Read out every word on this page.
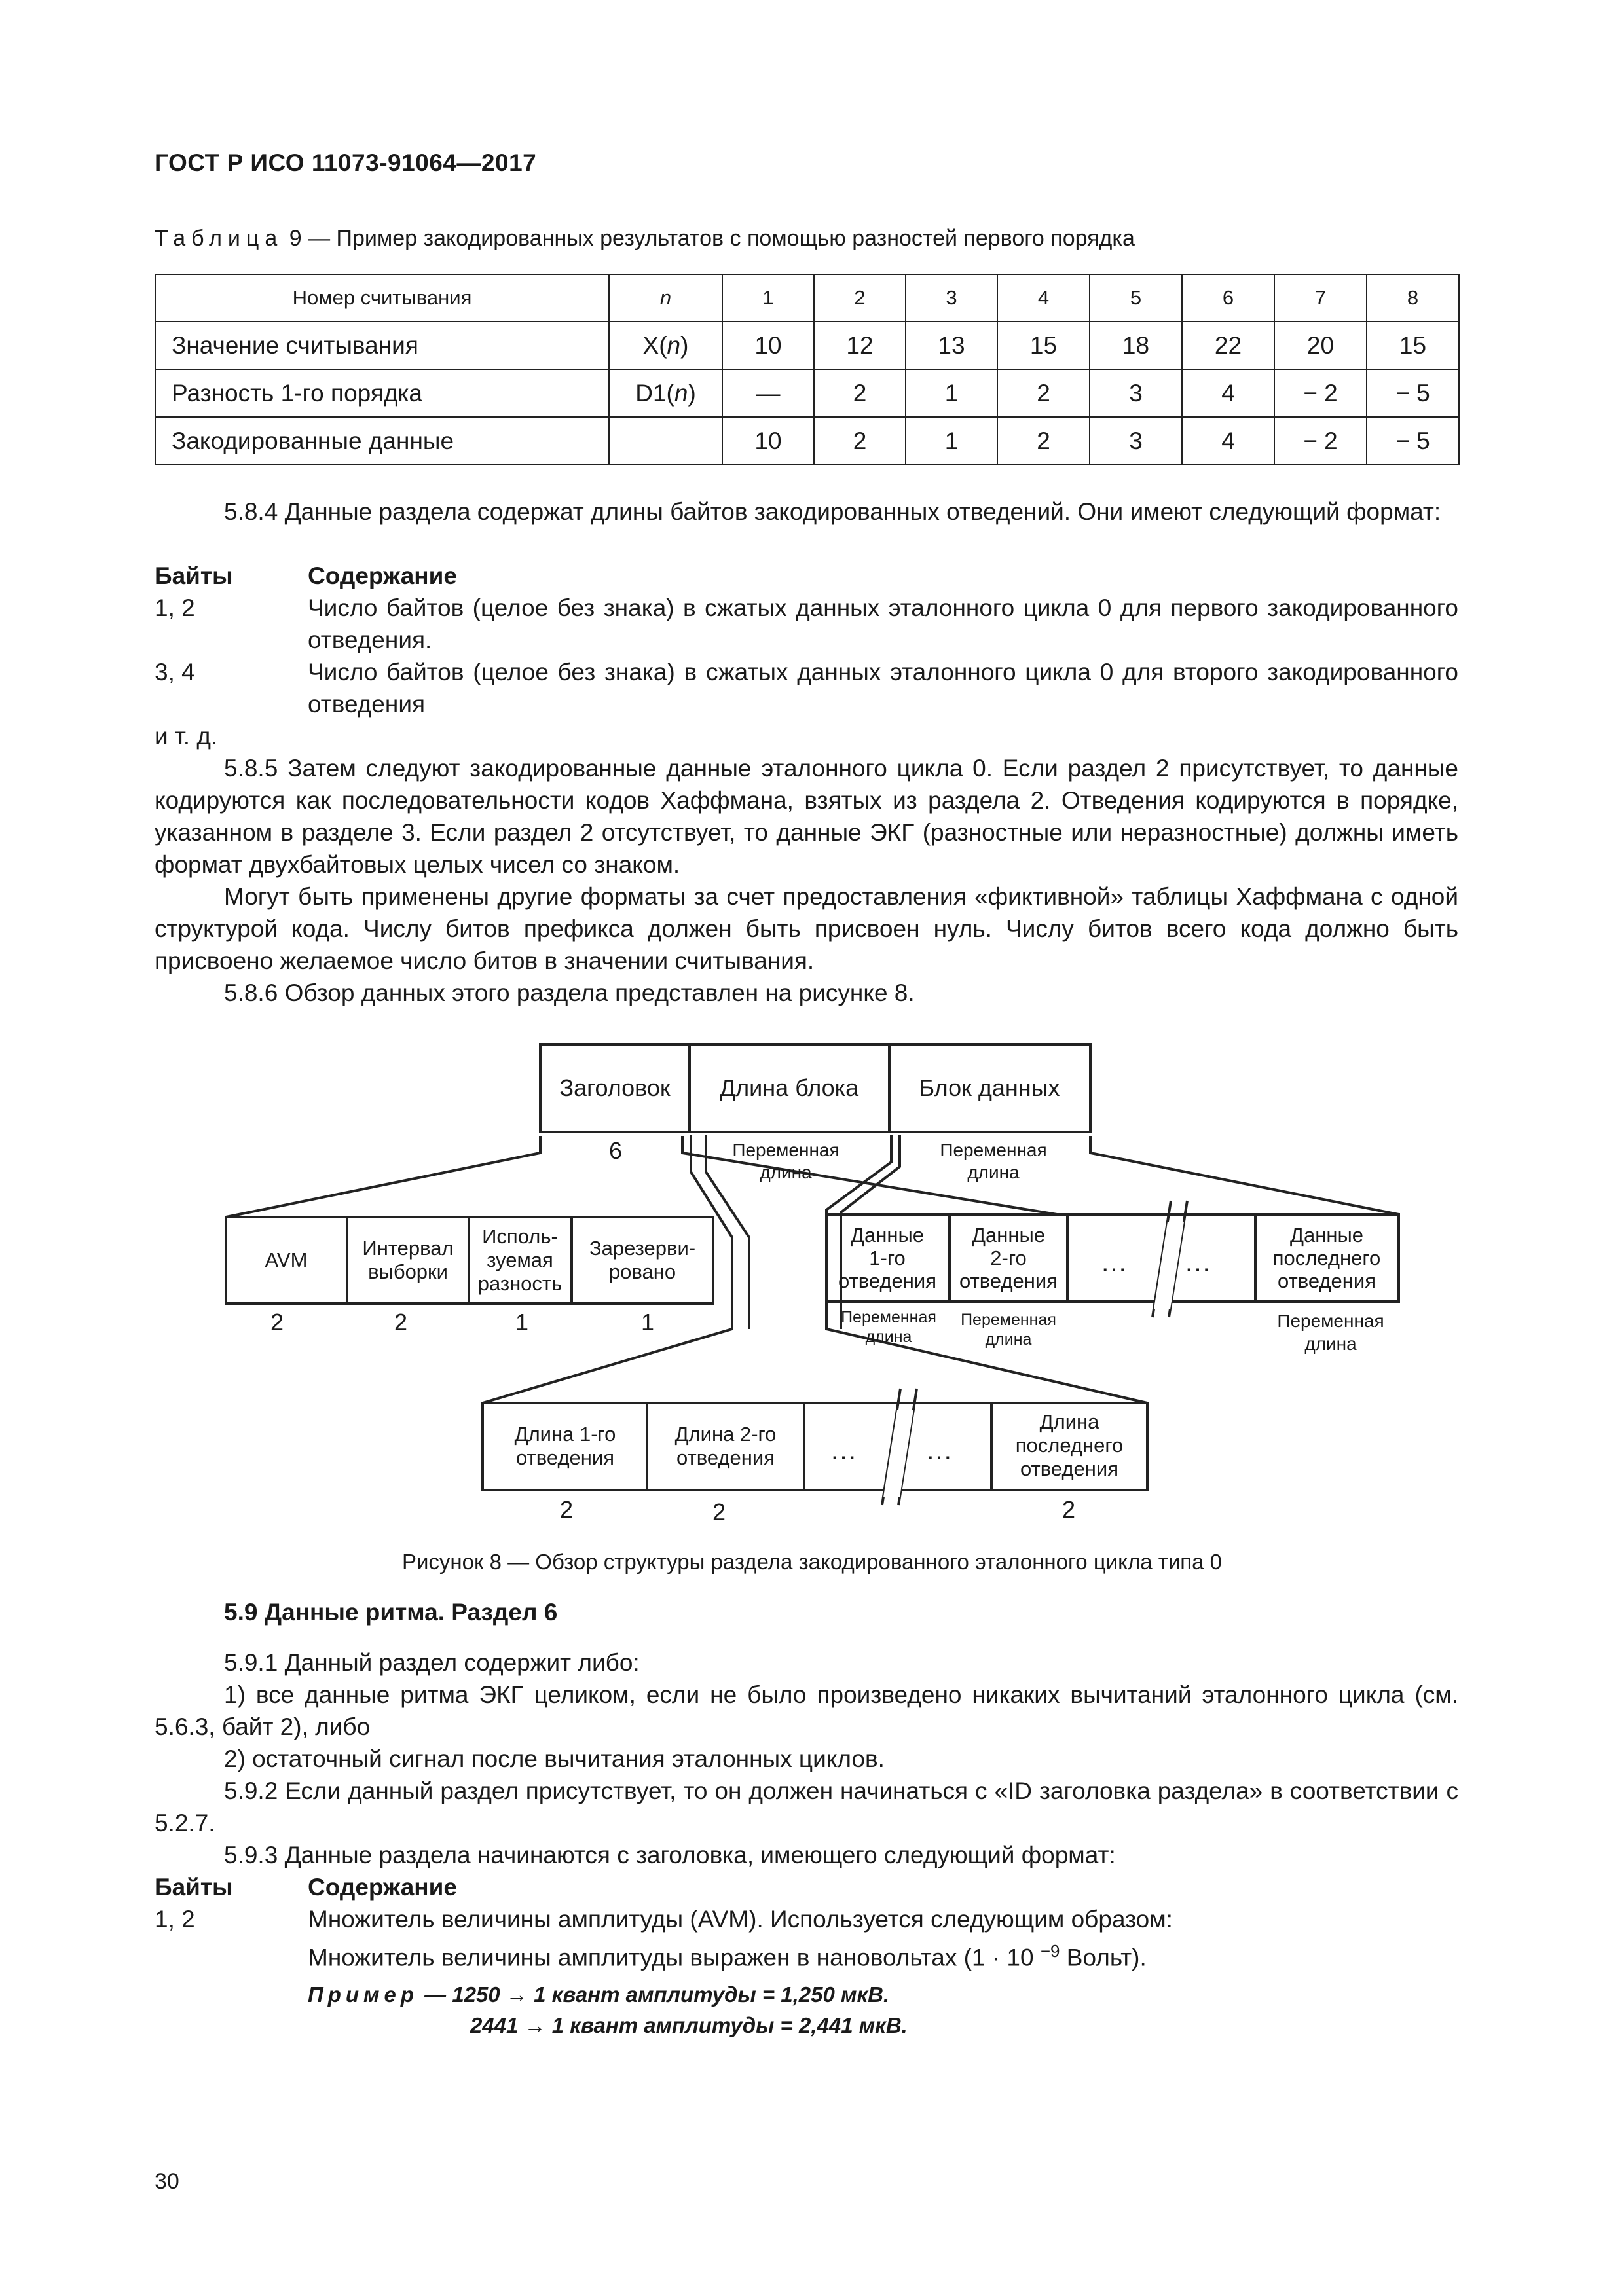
ГОСТ Р ИСО 11073-91064—2017
Таблица 9 — Пример закодированных результатов с помощью разностей первого порядка
Номер считывания	n	1	2	3	4	5	6	7	8
Значение считывания	X(n)	10	12	13	15	18	22	20	15
Разность 1-го порядка	D1(n)	—	2	1	2	3	4	− 2	− 5
Закодированные данные		10	2	1	2	3	4	− 2	− 5
5.8.4 Данные раздела содержат длины байтов закодированных отведений. Они имеют следующий формат:
Байты	Содержание
1, 2	Число байтов (целое без знака) в сжатых данных эталонного цикла 0 для первого закодированного отведения.
3, 4	Число байтов (целое без знака) в сжатых данных эталонного цикла 0 для второго закодированного отведения
и т. д.
5.8.5 Затем следуют закодированные данные эталонного цикла 0. Если раздел 2 присутствует, то данные кодируются как последовательности кодов Хаффмана, взятых из раздела 2. Отведения кодируются в порядке, указанном в разделе 3. Если раздел 2 отсутствует, то данные ЭКГ (разностные или неразностные) должны иметь формат двухбайтовых целых чисел со знаком.
Могут быть применены другие форматы за счет предоставления «фиктивной» таблицы Хаффмана с одной структурой кода. Числу битов префикса должен быть присвоен нуль. Числу битов всего кода должно быть присвоено желаемое число битов в значении считывания.
5.8.6 Обзор данных этого раздела представлен на рисунке 8.
Заголовок Длина блока	Блок данных
6	Переменная
длина
Переменная
длина
AVM
Интервал
выборки
Исполь-
зуемая
разность
Зарезерви-
ровано
2	2	1	1
Данные
1-го
отведения
Данные
2-го
отведения
… …
Данные
последнего
отведения
Переменная
длина
Переменная
длина
Переменная
длина
Длина 1-го
отведения
Длина 2-го
отведения … …
Длина
последнего
отведения
2	2	2
Рисунок 8 — Обзор структуры раздела закодированного эталонного цикла типа 0
5.9 Данные ритма. Раздел 6
5.9.1 Данный раздел содержит либо:
1) все данные ритма ЭКГ целиком, если не было произведено никаких вычитаний эталонного цикла (см. 5.6.3, байт 2), либо
2) остаточный сигнал после вычитания эталонных циклов.
5.9.2 Если данный раздел присутствует, то он должен начинаться с «ID заголовка раздела» в соответствии с 5.2.7.
5.9.3 Данные раздела начинаются с заголовка, имеющего следующий формат:
Байты	Содержание
1, 2	Множитель величины амплитуды (AVM). Используется следующим образом:
Множитель величины амплитуды выражен в нановольтах (1 · 10 $^{-9}$ Вольт).
Пример — 1250 → 1 квант амплитуды = 1,250 мкВ.
2441 → 1 квант амплитуды = 2,441 мкВ.
30
